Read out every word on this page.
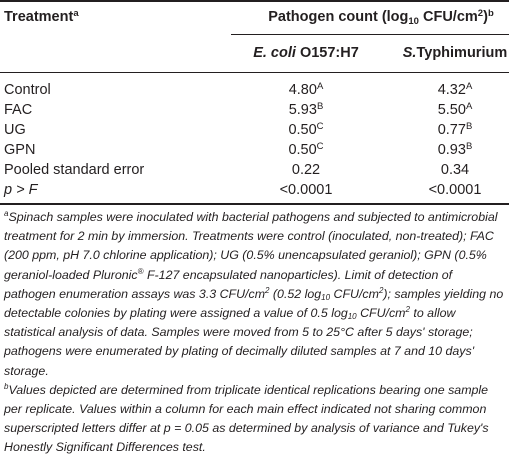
Treatment$^a$	Pathogen count ($\log_{10}$ CFU/$cm^2)^b$
E. coli O157:H7	S.Typhimurium
Control	$4.80^A$	$4.32^A$
FAC	$5.93^B$	$5.50^A$
UG	$0.50^C$	$0.77^B$
GPN	$0.50^C$	$0.93^B$
Pooled standard error	0.22	0.34
p > F	<0.0001	<0.0001

$^a$Spinach samples were inoculated with bacterial pathogens and subjected to antimicrobial treatment for 2 min by immersion. Treatments were control (inoculated, non-treated); FAC (200 ppm, pH 7.0 chlorine application); UG (0.5% unencapsulated geraniol); GPN (0.5% geraniol-loaded Pluronic® F-127 encapsulated nanoparticles). Limit of detection of pathogen enumeration assays was 3.3 CFU/$cm^2$ (0.52 $\log_{10} CFU/cm^2$); samples yielding no detectable colonies by plating were assigned a value of 0.5 $\log_{10} CFU/cm^2$ to allow statistical analysis of data. Samples were moved from 5 to 25°C after 5 days' storage; pathogens were enumerated by plating of decimally diluted samples at 7 and 10 days' storage.

$^b$Values depicted are determined from triplicate identical replications bearing one sample per replicate. Values within a column for each main effect indicated not sharing common superscripted letters differ at p = 0.05 as determined by analysis of variance and Tukey's Honestly Significant Differences test.
